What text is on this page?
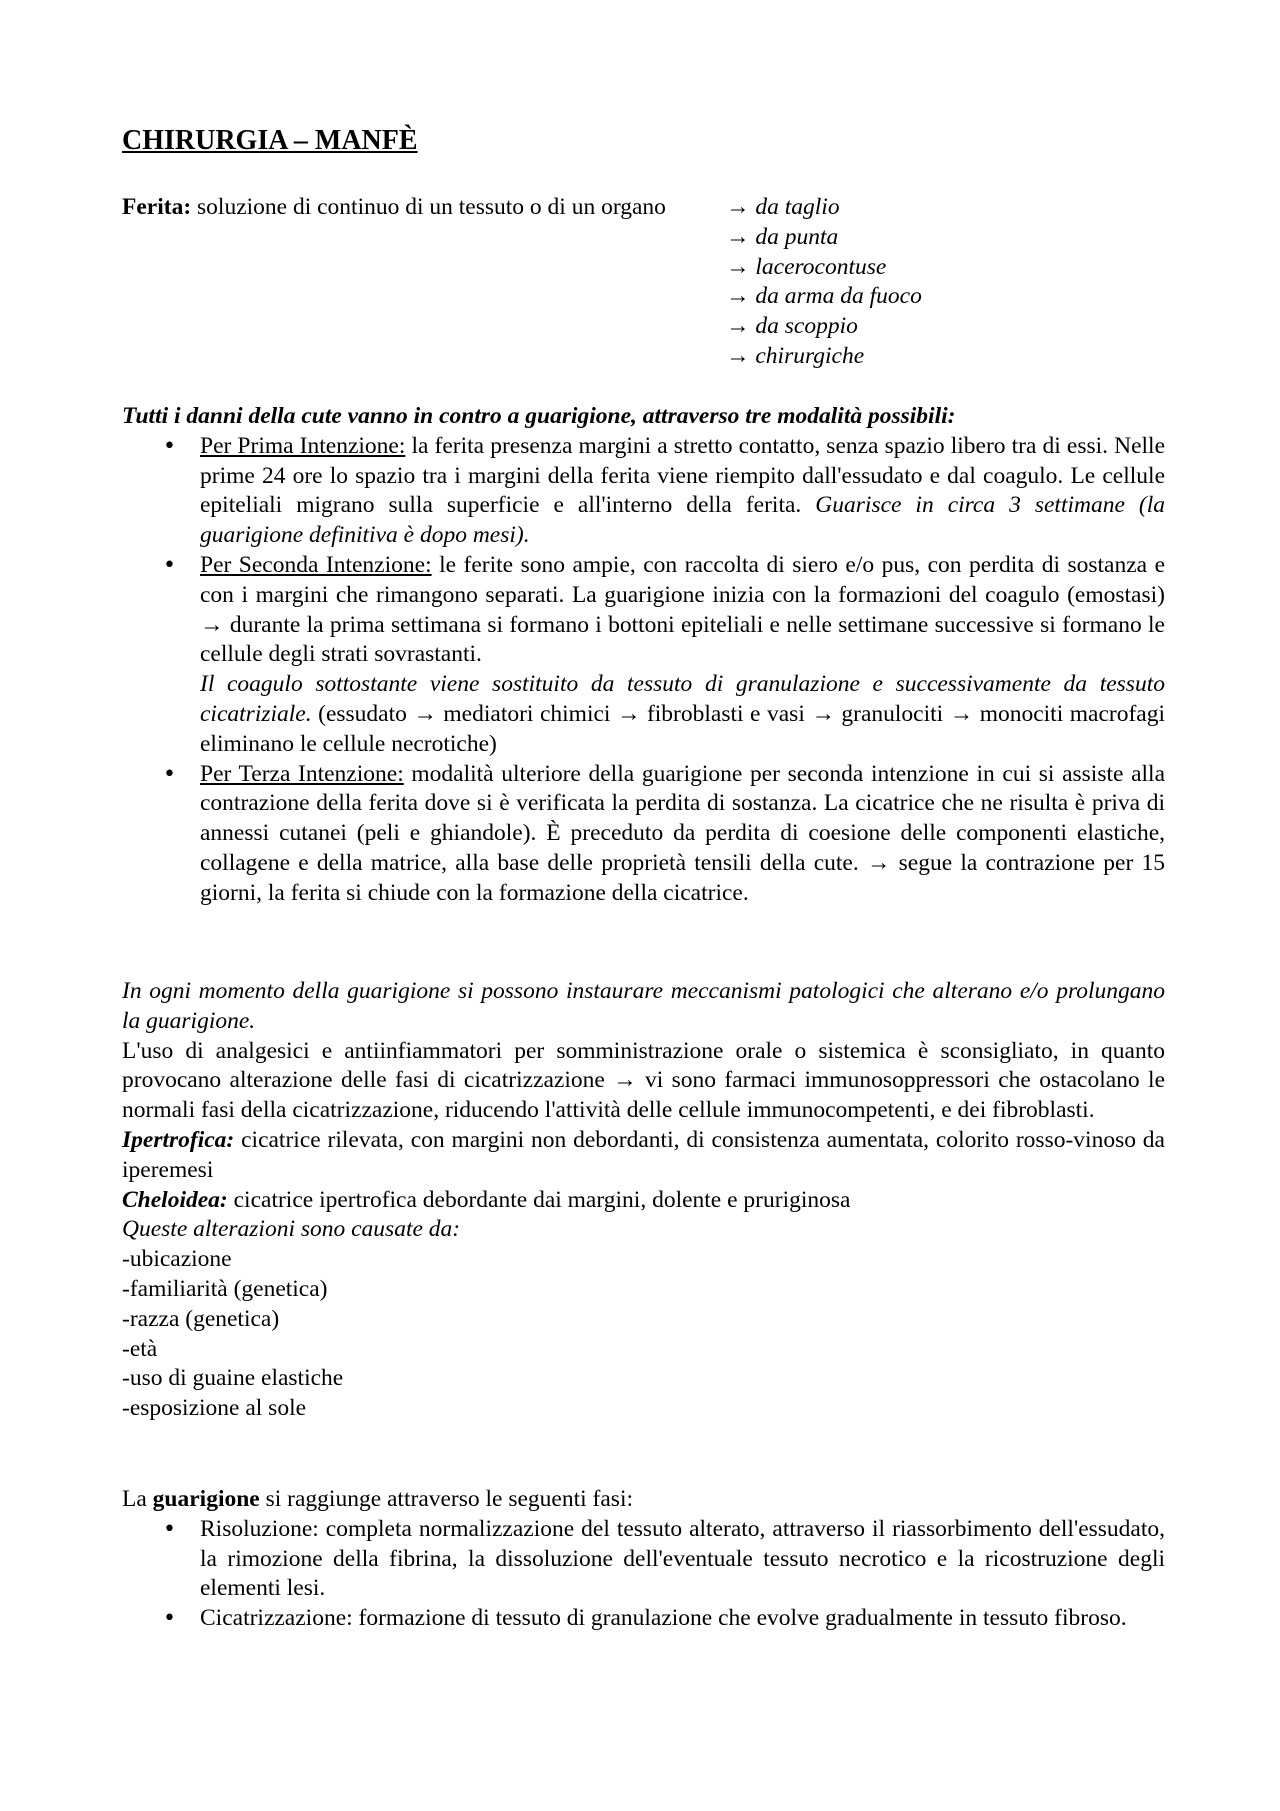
CHIRURGIA – MANFÈ
Ferita: soluzione di continuo di un tessuto o di un organo	→ da taglio
→ da punta
→ lacerocontuse
→ da arma da fuoco
→ da scoppio
→ chirurgiche
Tutti i danni della cute vanno in contro a guarigione, attraverso tre modalità possibili:
• Per Prima Intenzione: la ferita presenza margini a stretto contatto, senza spazio libero tra di essi. Nelle prime 24 ore lo spazio tra i margini della ferita viene riempito dall'essudato e dal coagulo. Le cellule epiteliali migrano sulla superficie e all'interno della ferita. Guarisce in circa 3 settimane (la guarigione definitiva è dopo mesi).
• Per Seconda Intenzione: le ferite sono ampie, con raccolta di siero e/o pus, con perdita di sostanza e con i margini che rimangono separati. La guarigione inizia con la formazioni del coagulo (emostasi) → durante la prima settimana si formano i bottoni epiteliali e nelle settimane successive si formano le cellule degli strati sovrastanti.
Il coagulo sottostante viene sostituito da tessuto di granulazione e successivamente da tessuto cicatriziale. (essudato → mediatori chimici → fibroblasti e vasi → granulociti → monociti macrofagi eliminano le cellule necrotiche)
• Per Terza Intenzione: modalità ulteriore della guarigione per seconda intenzione in cui si assiste alla contrazione della ferita dove si è verificata la perdita di sostanza. La cicatrice che ne risulta è priva di annessi cutanei (peli e ghiandole). È preceduto da perdita di coesione delle componenti elastiche, collagene e della matrice, alla base delle proprietà tensili della cute. → segue la contrazione per 15 giorni, la ferita si chiude con la formazione della cicatrice.
In ogni momento della guarigione si possono instaurare meccanismi patologici che alterano e/o prolungano la guarigione.
L'uso di analgesici e antiinfiammatori per somministrazione orale o sistemica è sconsigliato, in quanto provocano alterazione delle fasi di cicatrizzazione → vi sono farmaci immunosoppressori che ostacolano le normali fasi della cicatrizzazione, riducendo l'attività delle cellule immunocompetenti, e dei fibroblasti.
Ipertrofica: cicatrice rilevata, con margini non debordanti, di consistenza aumentata, colorito rosso-vinoso da iperemesi
Cheloidea: cicatrice ipertrofica debordante dai margini, dolente e pruriginosa
Queste alterazioni sono causate da:
-ubicazione
-familiarità (genetica)
-razza (genetica)
-età
-uso di guaine elastiche
-esposizione al sole
La guarigione si raggiunge attraverso le seguenti fasi:
• Risoluzione: completa normalizzazione del tessuto alterato, attraverso il riassorbimento dell'essudato, la rimozione della fibrina, la dissoluzione dell'eventuale tessuto necrotico e la ricostruzione degli elementi lesi.
• Cicatrizzazione: formazione di tessuto di granulazione che evolve gradualmente in tessuto fibroso.
